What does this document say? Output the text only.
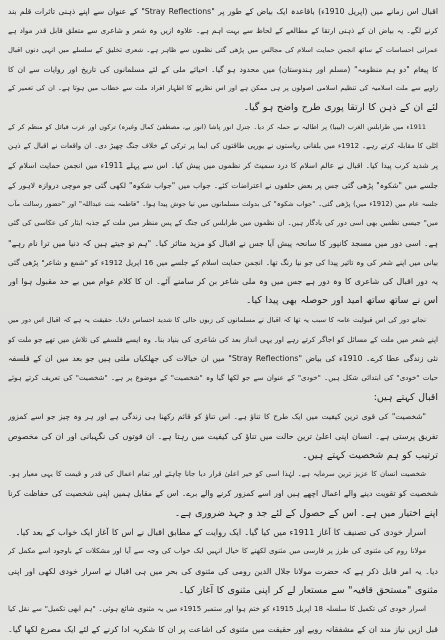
اقبال اس زمانے میں (اپریل 1910ء) باقاعدہ ایک بیاض کے طور پر "Stray Reflections" کے عنوان سے اپنے ذہنی تاثرات قلم بند
کرنے لگے۔ یہ بیاض ان کے ذہنی ارتقا کے مطالعے کے لحاظ سے بہت اہم ہے۔ علاوہ ازیں وہ شعر و شاعری سے متعلق قابل قدر مواد ہے
عمرانی احساسات کے ساتھ انجمن حمایت اسلام کی مجالس میں پڑھی گئی نظموں سے ظاہر ہے۔ شعری تخلیق کے سلسلے میں انہی دنوں اقبال
کا پیغام "دو ہم منظومہ" (مسلم اور ہندوستان) میں محدود ہو گیا۔ احیائے ملی کے لئے مسلمانوں کی تاریخ اور روایات سے ان کا
زاویے سے ملت اسلامیہ کی تنظیم اسلامی اصولوں پر ہی ممکن ہے اور اس نظریے کا اظہار افراد ملت سے خطاب میں ہوتا ہے۔ ان کی تعمیر کے
لئے ان کے ذہن کا ارتقا پوری طرح واضح ہو گیا۔
1911ء میں طرابلس الغرب (لیبیا) پر اطالیہ نے حملہ کر دیا۔ جنرل انور پاشا (انور بے، مصطفیٰ کمال وغیرہ) ترکوں اور عرب قبائل کو منظم کر کے
اٹلی کا مقابلہ کرتے رہے۔ 1912ء میں بلقانی ریاستوں نے یورپی طاقتوں کی ایما پر ترکی کے خلاف جنگ چھیڑ دی۔ ان واقعات نے اقبال کے ذہن
پر شدید کرب پیدا کیا۔ اقبال نے عالم اسلام کا درد سمیٹ کر نظموں میں پیش کیا۔ اس سے پہلے 1911ء میں انجمن حمایت اسلام کے
جلسے میں "شکوہ" پڑھی گئی جس پر بعض حلقوں نے اعتراضات کئے۔ جواب میں "جواب شکوہ" لکھی گئی جو موچی دروازہ لاہور کے
جلسہ عام میں (1912ء میں) پڑھی گئی۔ "جواب شکوہ" کی بدولت مسلمانوں میں نیا جوش پیدا ہوا۔ "فاطمہ بنت عبداللہ" اور "حضور رسالت مآب
میں" جیسی نظمیں بھی اسی دور کی یادگار ہیں۔ ان نظموں میں طرابلس کی جنگ کے پس منظر میں ملت کے جذبہ ایثار کی عکاسی کی گئی
ہے۔ اسی دور میں مسجد کانپور کا سانحہ پیش آیا جس نے اقبال کو مزید متاثر کیا۔ "ہم تو جیتے ہیں کہ دنیا میں ترا نام رہے"
بیانی میں اپنے شعر کی وہ تاثیر پیدا کی جو نیا رنگ تھا۔ انجمن حمایت اسلام کے جلسے میں 16 اپریل 1912ء کو "شمع و شاعر" پڑھی گئی
یہ دور اقبال کی شاعری کا وہ دور ہے جس میں وہ ملی شاعر بن کر سامنے آئے۔ ان کا کلام عوام میں بے حد مقبول ہوا اور
اس نے ساتھ ساتھ امید اور حوصلہ بھی پیدا کیا۔
نجانے دور کی اس قبولیت عامہ کا سبب یہ تھا کہ اقبال نے مسلمانوں کی زبوں حالی کا شدید احساس دلایا۔ حقیقت یہ ہے کہ اقبال اس دور میں
اپنے شعر میں ملت کے مسائل کو اجاگر کرتے رہے اور یہی انداز بعد کی شاعری کی بنیاد بنا۔ وہ ایسے فلسفے کی تلاش میں تھے جو ملت کو
نئی زندگی عطا کرے۔ 1910ء کی بیاض "Stray Reflections" میں ان خیالات کی جھلکیاں ملتی ہیں جو بعد میں ان کے فلسفہ
حیات "خودی" کی ابتدائی شکل ہیں۔ "خودی" کے عنوان سے جو لکھا گیا وہ "شخصیت" کے موضوع پر ہے۔ "شخصیت" کی تعریف کرتے ہوئے
اقبال کہتے ہیں:
"شخصیت" کی قوی ترین کیفیت میں ایک طرح کا تناؤ ہے۔ اس تناؤ کو قائم رکھنا ہی زندگی ہے اور ہر وہ چیز جو اسے کمزور
تفریق پرستی ہے۔ انسان اپنی اعلیٰ ترین حالت میں تناؤ کی کیفیت میں رہتا ہے۔ ان قوتوں کی نگہبانی اور ان کی مخصوص
ترتیب کو ہم شخصیت کہتے ہیں۔
شخصیت انسان کا عزیز ترین سرمایہ ہے۔ لہٰذا اسی کو خیر اعلیٰ قرار دیا جانا چاہئے اور تمام اعمال کی قدر و قیمت کا یہی معیار ہو۔
شخصیت کو تقویت دینے والے اعمال اچھے ہیں اور اسے کمزور کرنے والے برے۔ اس کے مقابل ہمیں اپنی شخصیت کی حفاظت کرنا
اپنے اختیار میں ہے۔ اس کے حصول کے لئے جد و جہد ضروری ہے۔
اسرار خودی کی تصنیف کا آغاز 1911ء میں کیا گیا۔ ایک روایت کے مطابق اقبال نے اس کا آغاز ایک خواب کے بعد کیا۔
مولانا روم کی مثنوی کی طرز پر فارسی میں مثنوی لکھنے کا خیال انہیں ایک خواب کی وجہ سے آیا اور مشکلات کے باوجود اسے مکمل کر
دیا۔ یہ امر قابل ذکر ہے کہ حضرت مولانا جلال الدین رومی کی مثنوی کی بحر میں ہی اقبال نے اسرار خودی لکھی اور اپنی
مثنوی "مستحق قافیہ" سے مستعار لے کر اپنی مثنوی کا آغاز کیا۔
اسرار خودی کی تکمیل کا سلسلہ 18 اپریل 1915ء کو ختم ہوا اور ستمبر 1915ء میں یہ مثنوی شائع ہوئی۔ "ہم ابھی تکمیل" سے نقل کیا
قبل ازیں نیاز مند ان کے مشفقانہ رویے اور حقیقت میں مثنوی کی اشاعت پر ان کا شکریہ ادا کرنے کے لئے ایک مصرع لکھا گیا۔
